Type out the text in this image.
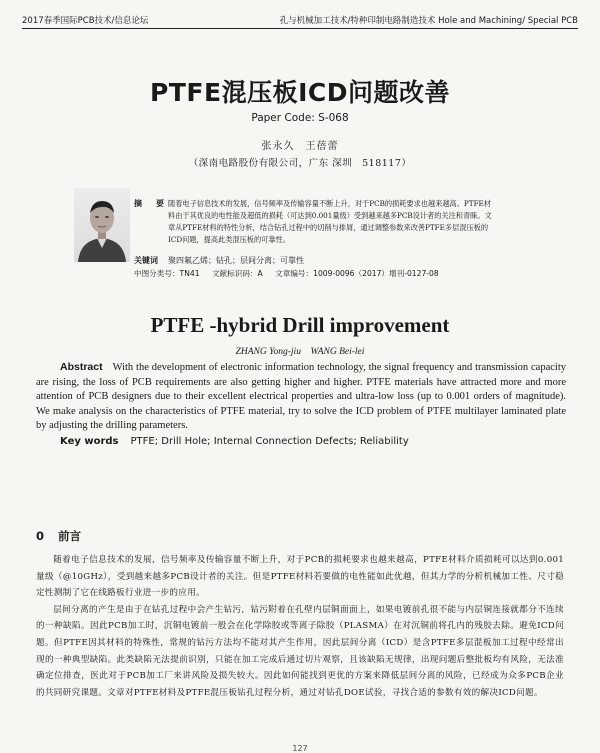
2017春季国际PCB技术/信息论坛	孔与机械加工技术/特种印制电路制造技术 Hole and Machining/ Special PCB
PTFE混压板ICD问题改善
Paper Code: S-068
张永久　王蓓蕾
（深南电路股份有限公司，广东 深圳　518117）
摘　要 随着电子信息技术的发展，信号频率及传输容量不断上升，对于PCB的损耗要求也越来越高。PTFE材料由于其优良的电性能及超低的损耗（可达到0.001量级）受到越来越多PCB设计者的关注和青睐。文章从PTFE材料的特性分析，结合钻孔过程中的切削与排屑，通过调整参数来改善PTFE多层混压板的ICD问题，提高此类混压板的可靠性。
关键词 聚四氟乙烯；钻孔；层间分离；可靠性
中图分类号：TN41 文献标识码：A 文章编号：1009-0096（2017）增刊-0127-08
PTFE -hybrid Drill improvement
ZHANG Yong-jiu　WANG Bei-lei
Abstract With the development of electronic information technology, the signal frequency and transmission capacity are rising, the loss of PCB requirements are also getting higher and higher. PTFE materials have attracted more and more attention of PCB designers due to their excellent electrical properties and ultra-low loss (up to 0.001 orders of magnitude). We make analysis on the characteristics of PTFE material, try to solve the ICD problem of PTFE multilayer laminated plate by adjusting the drilling parameters.
Key words PTFE; Drill Hole; Internal Connection Defects; Reliability
0 前言

随着电子信息技术的发展，信号频率及传输容量不断上升，对于PCB的损耗要求也越来越高，PTFE材料介质损耗可以达到0.001量级（@10GHz），受到越来越多PCB设计者的关注。但是PTFE材料若要做的电性能如此优越，但其力学的分析机械加工性、尺寸稳定性测制了它在线路板行业进一步的应用。

层间分离的产生是由于在钻孔过程中会产生钻污，钻污附着在孔壁内层铜面面上，如果电镀前孔很不能与内层铜连接就都分不连续的一种缺陷。因此PCB加工时，沉铜电镀前一般会在化学除胶或等离子除胶（PLASMA）在对沉铜前将孔内的残胶去除。避免ICD问题。但PTFE因其材料的特殊性，常规的钻污方法均不能对其产生作用，因此层间分离（ICD）是含PTFE多层混板加工过程中经常出现的一种典型缺陷。此类缺陷无法提前识别，只能在加工完成后通过切片观察，且该缺陷无规律，出现问题后整批板均有风险，无法准确定位排查，医此对于PCB加工厂来讲风险及损失较大。因此如何能找到更优的方案来降低层间分离的风险，已经成为众多PCB企业的共同研究课题。文章对PTFE材料及PTFE混压板钻孔过程分析，通过对钻孔DOE试验，寻找合适的参数有效的解决ICD问题。

127
